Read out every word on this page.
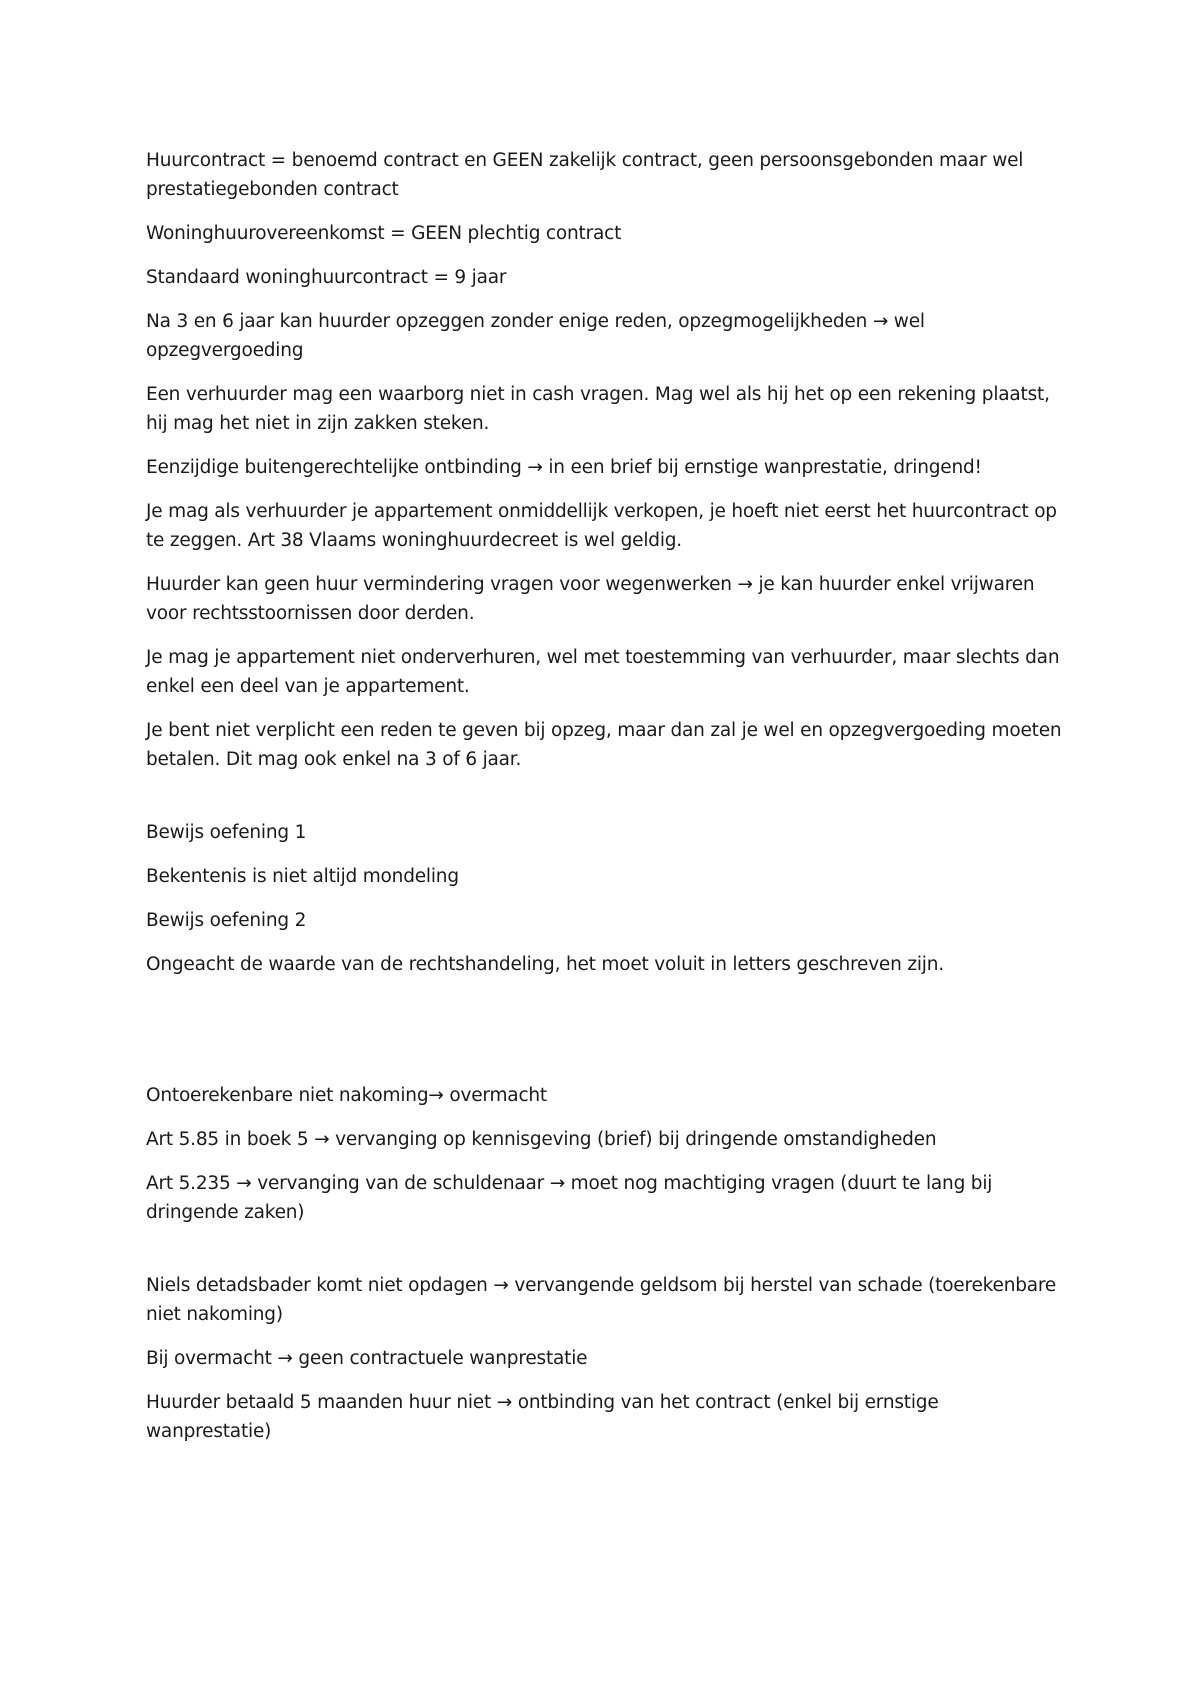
Huurcontract = benoemd contract en GEEN zakelijk contract, geen persoonsgebonden maar wel prestatiegebonden contract

Woninghuurovereenkomst = GEEN plechtig contract

Standaard woninghuurcontract = 9 jaar

Na 3 en 6 jaar kan huurder opzeggen zonder enige reden, opzegmogelijkheden → wel opzegvergoeding

Een verhuurder mag een waarborg niet in cash vragen. Mag wel als hij het op een rekening plaatst, hij mag het niet in zijn zakken steken.

Eenzijdige buitengerechtelijke ontbinding → in een brief bij ernstige wanprestatie, dringend!

Je mag als verhuurder je appartement onmiddellijk verkopen, je hoeft niet eerst het huurcontract op te zeggen. Art 38 Vlaams woninghuurdecreet is wel geldig.

Huurder kan geen huur vermindering vragen voor wegenwerken → je kan huurder enkel vrijwaren voor rechtsstoornissen door derden.

Je mag je appartement niet onderverhuren, wel met toestemming van verhuurder, maar slechts dan enkel een deel van je appartement.

Je bent niet verplicht een reden te geven bij opzeg, maar dan zal je wel en opzegvergoeding moeten betalen. Dit mag ook enkel na 3 of 6 jaar.

Bewijs oefening 1

Bekentenis is niet altijd mondeling

Bewijs oefening 2

Ongeacht de waarde van de rechtshandeling, het moet voluit in letters geschreven zijn.

Ontoerekenbare niet nakoming→ overmacht

Art 5.85 in boek 5 → vervanging op kennisgeving (brief) bij dringende omstandigheden

Art 5.235 → vervanging van de schuldenaar → moet nog machtiging vragen (duurt te lang bij dringende zaken)

Niels detadsbader komt niet opdagen → vervangende geldsom bij herstel van schade (toerekenbare niet nakoming)

Bij overmacht → geen contractuele wanprestatie

Huurder betaald 5 maanden huur niet → ontbinding van het contract (enkel bij ernstige wanprestatie)
